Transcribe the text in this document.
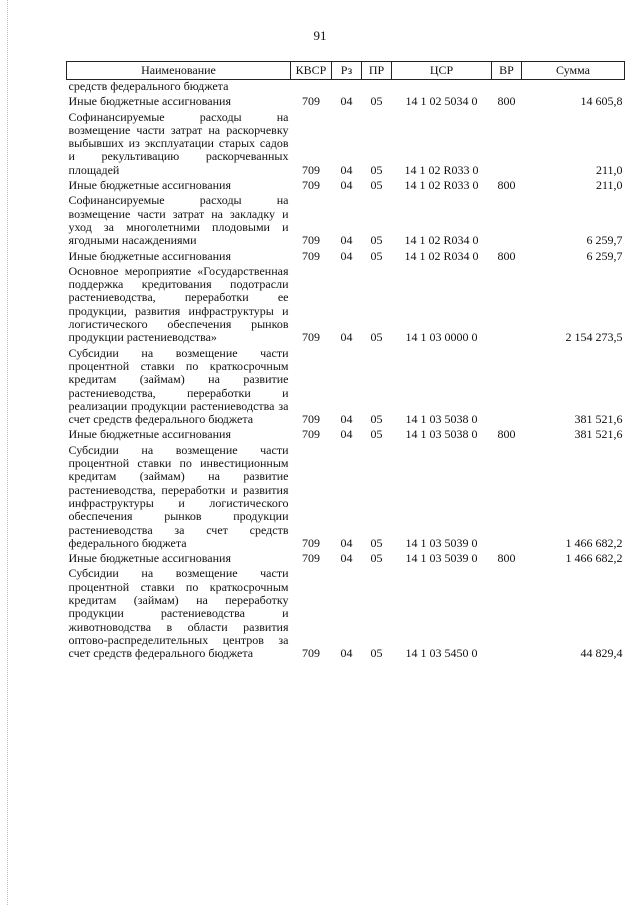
91
Наименование	КВСР	Рз	ПР	ЦСР	ВР	Сумма
средств федерального бюджета						
Иные бюджетные ассигнования	709	04	05	14 1 02 5034 0	800	14 605,8
Софинансируемые расходы на возмещение части затрат на раскорчевку выбывших из эксплуатации старых садов и рекультивацию раскорчеванных площадей	709	04	05	14 1 02 R033 0		211,0
Иные бюджетные ассигнования	709	04	05	14 1 02 R033 0	800	211,0
Софинансируемые расходы на возмещение части затрат на закладку и уход за многолетними плодовыми и ягодными насаждениями	709	04	05	14 1 02 R034 0		6 259,7
Иные бюджетные ассигнования	709	04	05	14 1 02 R034 0	800	6 259,7
Основное мероприятие «Государственная поддержка кредитования подотрасли растениеводства, переработки ее продукции, развития инфраструктуры и логистического обеспечения рынков продукции растениеводства»	709	04	05	14 1 03 0000 0		2 154 273,5
Субсидии на возмещение части процентной ставки по краткосрочным кредитам (займам) на развитие растениеводства, переработки и реализации продукции растениеводства за счет средств федерального бюджета	709	04	05	14 1 03 5038 0		381 521,6
Иные бюджетные ассигнования	709	04	05	14 1 03 5038 0	800	381 521,6
Субсидии на возмещение части процентной ставки по инвестиционным кредитам (займам) на развитие растениеводства, переработки и развития инфраструктуры и логистического обеспечения рынков продукции растениеводства за счет средств федерального бюджета	709	04	05	14 1 03 5039 0		1 466 682,2
Иные бюджетные ассигнования	709	04	05	14 1 03 5039 0	800	1 466 682,2
Субсидии на возмещение части процентной ставки по краткосрочным кредитам (займам) на переработку продукции растениеводства и животноводства в области развития оптово-распределительных центров за счет средств федерального бюджета	709	04	05	14 1 03 5450 0		44 829,4
